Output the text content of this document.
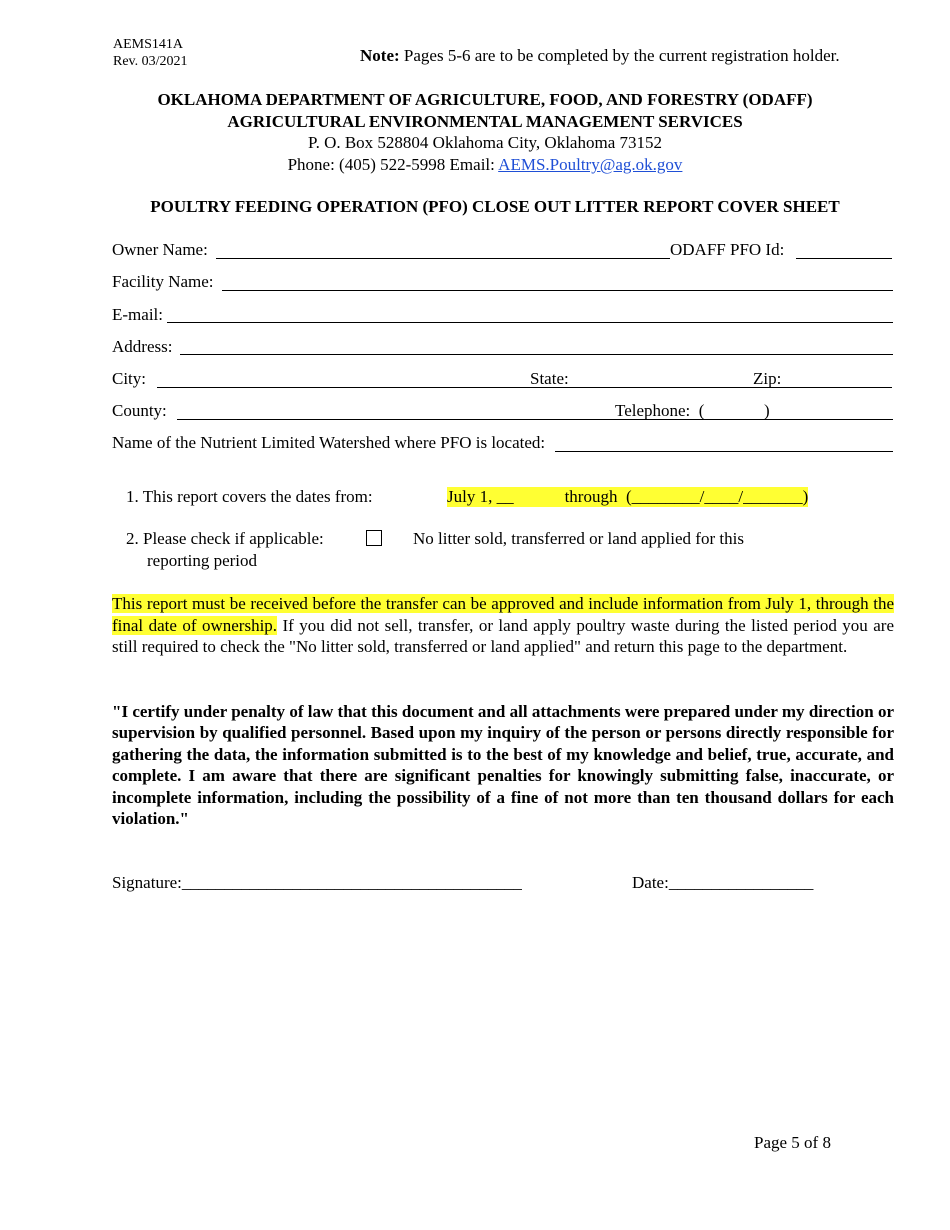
AEMS141A
Rev. 03/2021	Note: Pages 5-6 are to be completed by the current registration holder.
OKLAHOMA DEPARTMENT OF AGRICULTURE, FOOD, AND FORESTRY (ODAFF)
AGRICULTURAL ENVIRONMENTAL MANAGEMENT SERVICES
P. O. Box 528804 Oklahoma City, Oklahoma 73152
Phone: (405) 522-5998 Email: AEMS.Poultry@ag.ok.gov
POULTRY FEEDING OPERATION (PFO) CLOSE OUT LITTER REPORT COVER SHEET
Owner Name:	ODAFF PFO Id:
Facility Name:
E-mail:
Address:
City:	State:	Zip:
County:	Telephone:  (              )
Name of the Nutrient Limited Watershed where PFO is located:
1. This report covers the dates from:	July 1, __            through  (________/____/_______)
2. Please check if applicable:	No litter sold, transferred or land applied for this
reporting period
This report must be received before the transfer can be approved and include information from July 1, through the final date of ownership. If you did not sell, transfer, or land apply poultry waste during the listed period you are still required to check the "No litter sold, transferred or land applied" and return this page to the department.
"I certify under penalty of law that this document and all attachments were prepared under my direction or supervision by qualified personnel. Based upon my inquiry of the person or persons directly responsible for gathering the data, the information submitted is to the best of my knowledge and belief, true, accurate, and complete. I am aware that there are significant penalties for knowingly submitting false, inaccurate, or incomplete information, including the possibility of a fine of not more than ten thousand dollars for each violation."
Signature:________________________________________	Date:_________________
Page 5 of 8
